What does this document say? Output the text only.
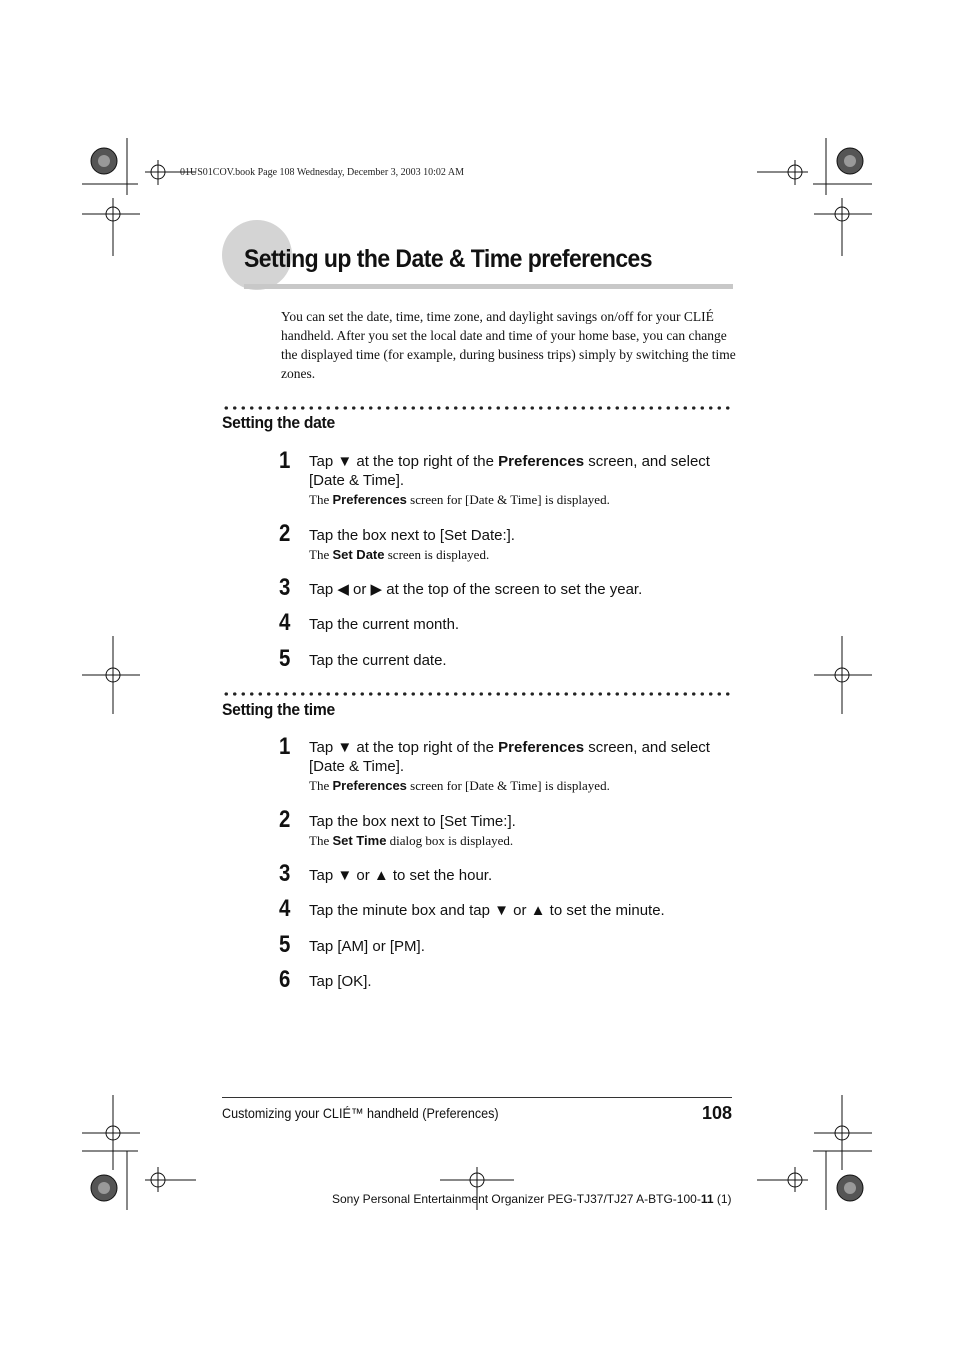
01US01COV.book Page 108 Wednesday, December 3, 2003 10:02 AM
Setting up the Date & Time preferences
You can set the date, time, time zone, and daylight savings on/off for your CLIÉ handheld. After you set the local date and time of your home base, you can change the displayed time (for example, during business trips) simply by switching the time zones.
Setting the date
1 Tap ▼ at the top right of the Preferences screen, and select [Date & Time].
The Preferences screen for [Date & Time] is displayed.
2 Tap the box next to [Set Date:].
The Set Date screen is displayed.
3 Tap ◀ or ▶ at the top of the screen to set the year.
4 Tap the current month.
5 Tap the current date.
Setting the time
1 Tap ▼ at the top right of the Preferences screen, and select [Date & Time].
The Preferences screen for [Date & Time] is displayed.
2 Tap the box next to [Set Time:].
The Set Time dialog box is displayed.
3 Tap ▼ or ▲ to set the hour.
4 Tap the minute box and tap ▼ or ▲ to set the minute.
5 Tap [AM] or [PM].
6 Tap [OK].
Customizing your CLIÉ™ handheld (Preferences)	108
Sony Personal Entertainment Organizer PEG-TJ37/TJ27 A-BTG-100-11 (1)
